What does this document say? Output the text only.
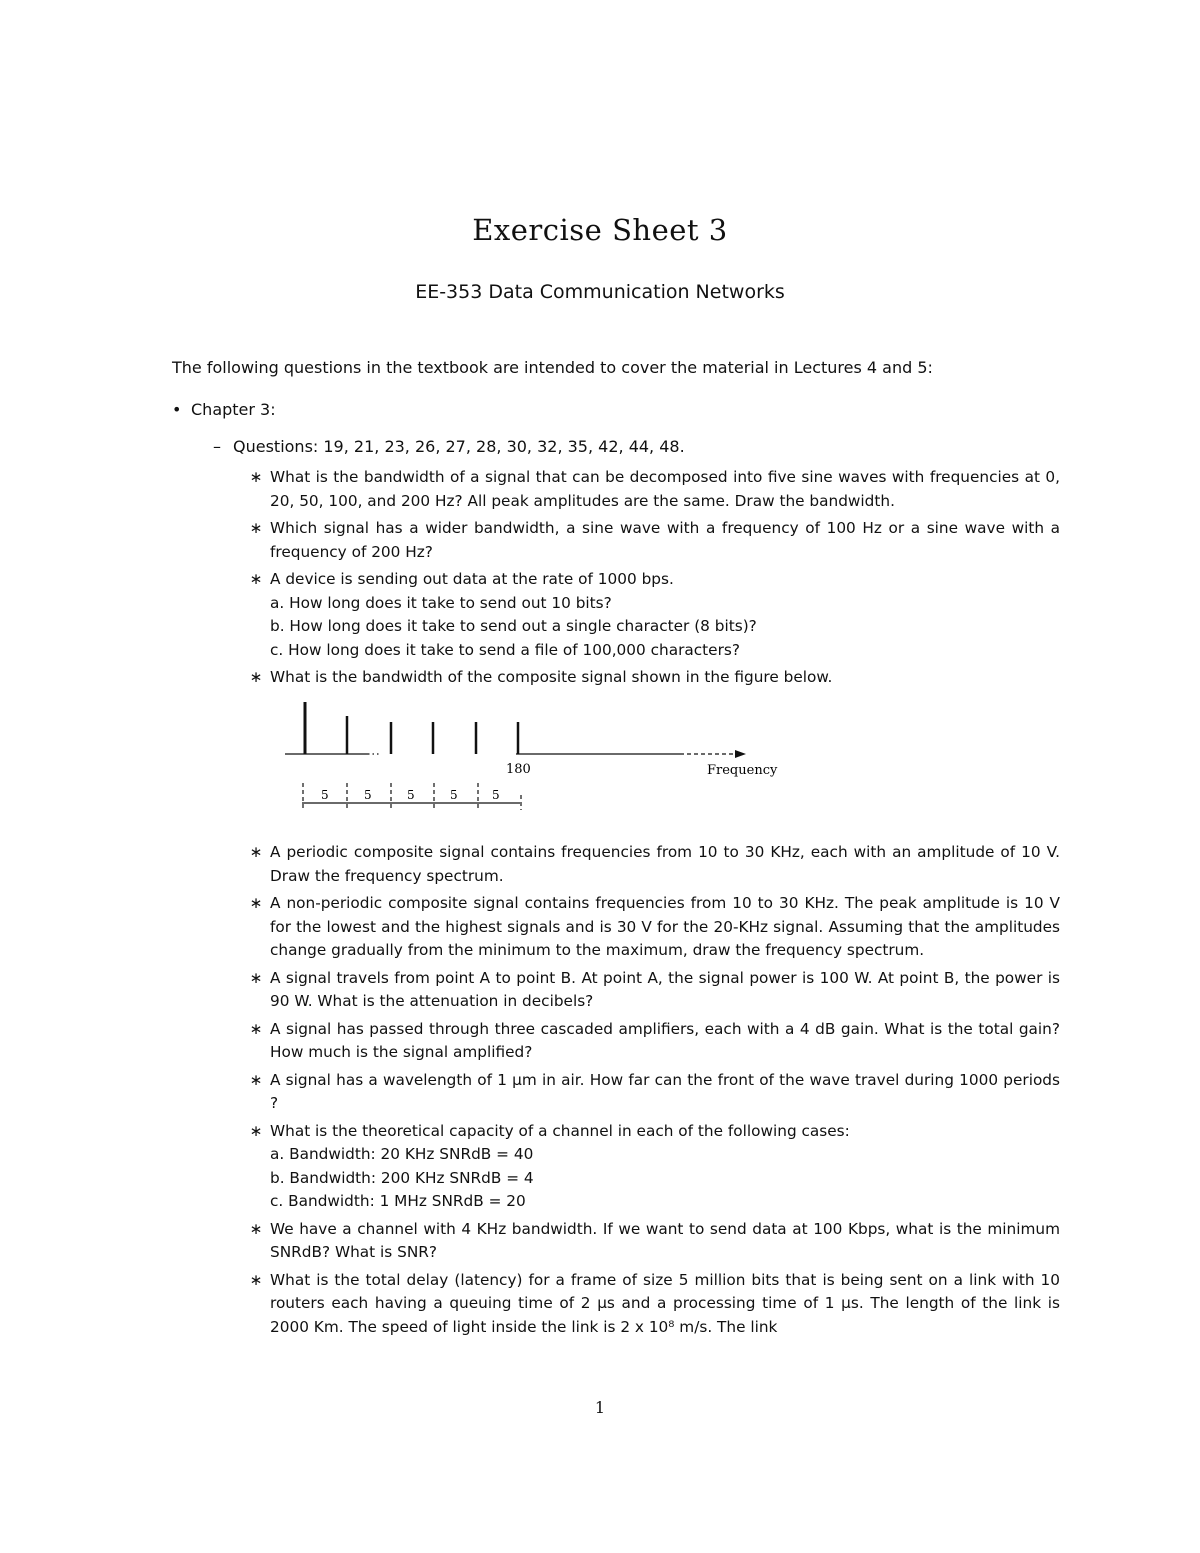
Exercise Sheet 3
EE-353 Data Communication Networks
The following questions in the textbook are intended to cover the material in Lectures 4 and 5:
• Chapter 3:
– Questions: 19, 21, 23, 26, 27, 28, 30, 32, 35, 42, 44, 48.
∗ What is the bandwidth of a signal that can be decomposed into five sine waves with frequencies at 0, 20, 50, 100, and 200 Hz? All peak amplitudes are the same. Draw the bandwidth.
∗ Which signal has a wider bandwidth, a sine wave with a frequency of 100 Hz or a sine wave with a frequency of 200 Hz?
∗ A device is sending out data at the rate of 1000 bps.
a. How long does it take to send out 10 bits?
b. How long does it take to send out a single character (8 bits)?
c. How long does it take to send a file of 100,000 characters?
∗ What is the bandwidth of the composite signal shown in the figure below.
180	Frequency
5	5	5	5	5
∗ A periodic composite signal contains frequencies from 10 to 30 KHz, each with an amplitude of 10 V. Draw the frequency spectrum.
∗ A non-periodic composite signal contains frequencies from 10 to 30 KHz. The peak amplitude is 10 V for the lowest and the highest signals and is 30 V for the 20-KHz signal. Assuming that the amplitudes change gradually from the minimum to the maximum, draw the frequency spectrum.
∗ A signal travels from point A to point B. At point A, the signal power is 100 W. At point B, the power is 90 W. What is the attenuation in decibels?
∗ A signal has passed through three cascaded amplifiers, each with a 4 dB gain. What is the total gain? How much is the signal amplified?
∗ A signal has a wavelength of 1 μm in air. How far can the front of the wave travel during 1000 periods ?
∗ What is the theoretical capacity of a channel in each of the following cases:
a. Bandwidth: 20 KHz SNRdB = 40
b. Bandwidth: 200 KHz SNRdB = 4
c. Bandwidth: 1 MHz SNRdB = 20
∗ We have a channel with 4 KHz bandwidth. If we want to send data at 100 Kbps, what is the minimum SNRdB? What is SNR?
∗ What is the total delay (latency) for a frame of size 5 million bits that is being sent on a link with 10 routers each having a queuing time of 2 μs and a processing time of 1 μs. The length of the link is 2000 Km. The speed of light inside the link is 2 x 10⁸ m/s. The link
1
